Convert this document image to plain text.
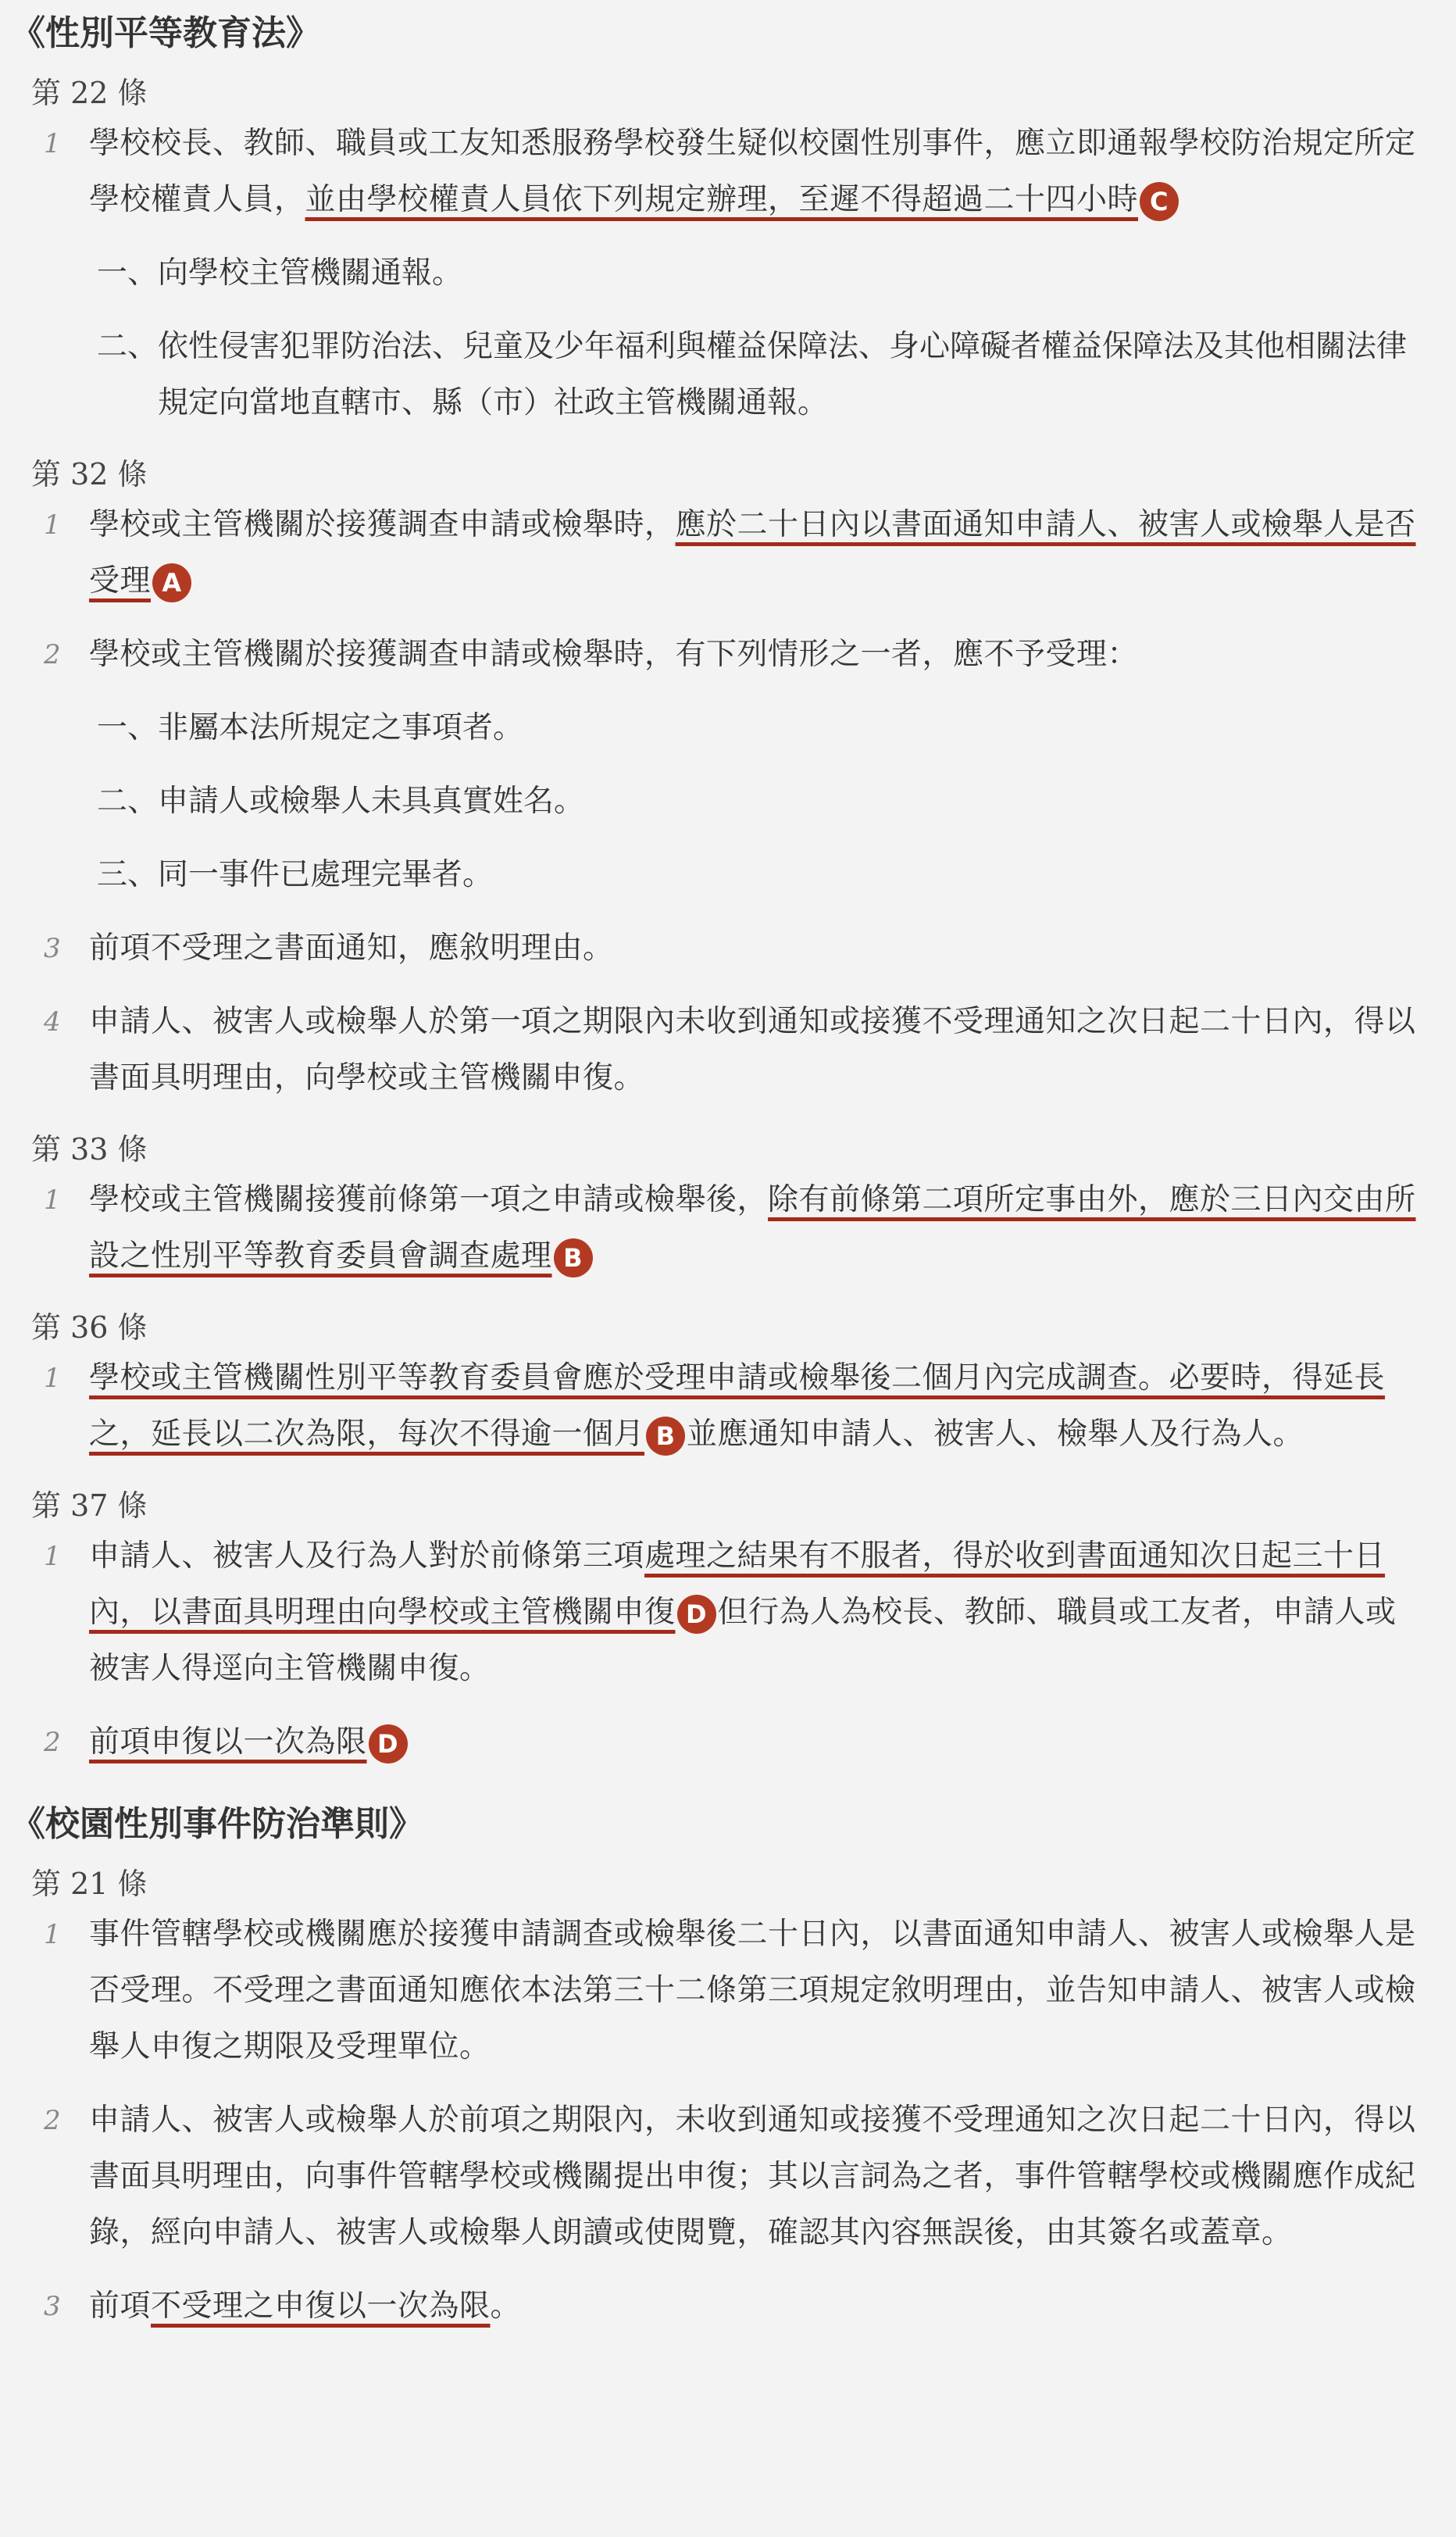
《性別平等教育法》
第 22 條
1 學校校長、教師、職員或工友知悉服務學校發生疑似校園性別事件，應立即通報學校防治規定所定學校權責人員，並由學校權責人員依下列規定辦理，至遲不得超過二十四小時 C
一、 向學校主管機關通報。
二、 依性侵害犯罪防治法、兒童及少年福利與權益保障法、身心障礙者權益保障法及其他相關法律規定向當地直轄市、縣（市）社政主管機關通報。
第 32 條
1 學校或主管機關於接獲調查申請或檢舉時，應於二十日內以書面通知申請人、被害人或檢舉人是否受理 A
2 學校或主管機關於接獲調查申請或檢舉時，有下列情形之一者，應不予受理：
一、 非屬本法所規定之事項者。
二、 申請人或檢舉人未具真實姓名。
三、 同一事件已處理完畢者。
3 前項不受理之書面通知，應敘明理由。
4 申請人、被害人或檢舉人於第一項之期限內未收到通知或接獲不受理通知之次日起二十日內，得以書面具明理由，向學校或主管機關申復。
第 33 條
1 學校或主管機關接獲前條第一項之申請或檢舉後，除有前條第二項所定事由外，應於三日內交由所設之性別平等教育委員會調查處理 B
第 36 條
1 學校或主管機關性別平等教育委員會應於受理申請或檢舉後二個月內完成調查。必要時，得延長之，延長以二次為限，每次不得逾一個月 B 並應通知申請人、被害人、檢舉人及行為人。
第 37 條
1 申請人、被害人及行為人對於前條第三項處理之結果有不服者，得於收到書面通知次日起三十日內，以書面具明理由向學校或主管機關申復 D 但行為人為校長、教師、職員或工友者，申請人或被害人得逕向主管機關申復。
2 前項申復以一次為限 D
《校園性別事件防治準則》
第 21 條
1 事件管轄學校或機關應於接獲申請調查或檢舉後二十日內，以書面通知申請人、被害人或檢舉人是否受理。不受理之書面通知應依本法第三十二條第三項規定敘明理由，並告知申請人、被害人或檢舉人申復之期限及受理單位。
2 申請人、被害人或檢舉人於前項之期限內，未收到通知或接獲不受理通知之次日起二十日內，得以書面具明理由，向事件管轄學校或機關提出申復；其以言詞為之者，事件管轄學校或機關應作成紀錄，經向申請人、被害人或檢舉人朗讀或使閱覽，確認其內容無誤後，由其簽名或蓋章。
3 前項不受理之申復以一次為限。
